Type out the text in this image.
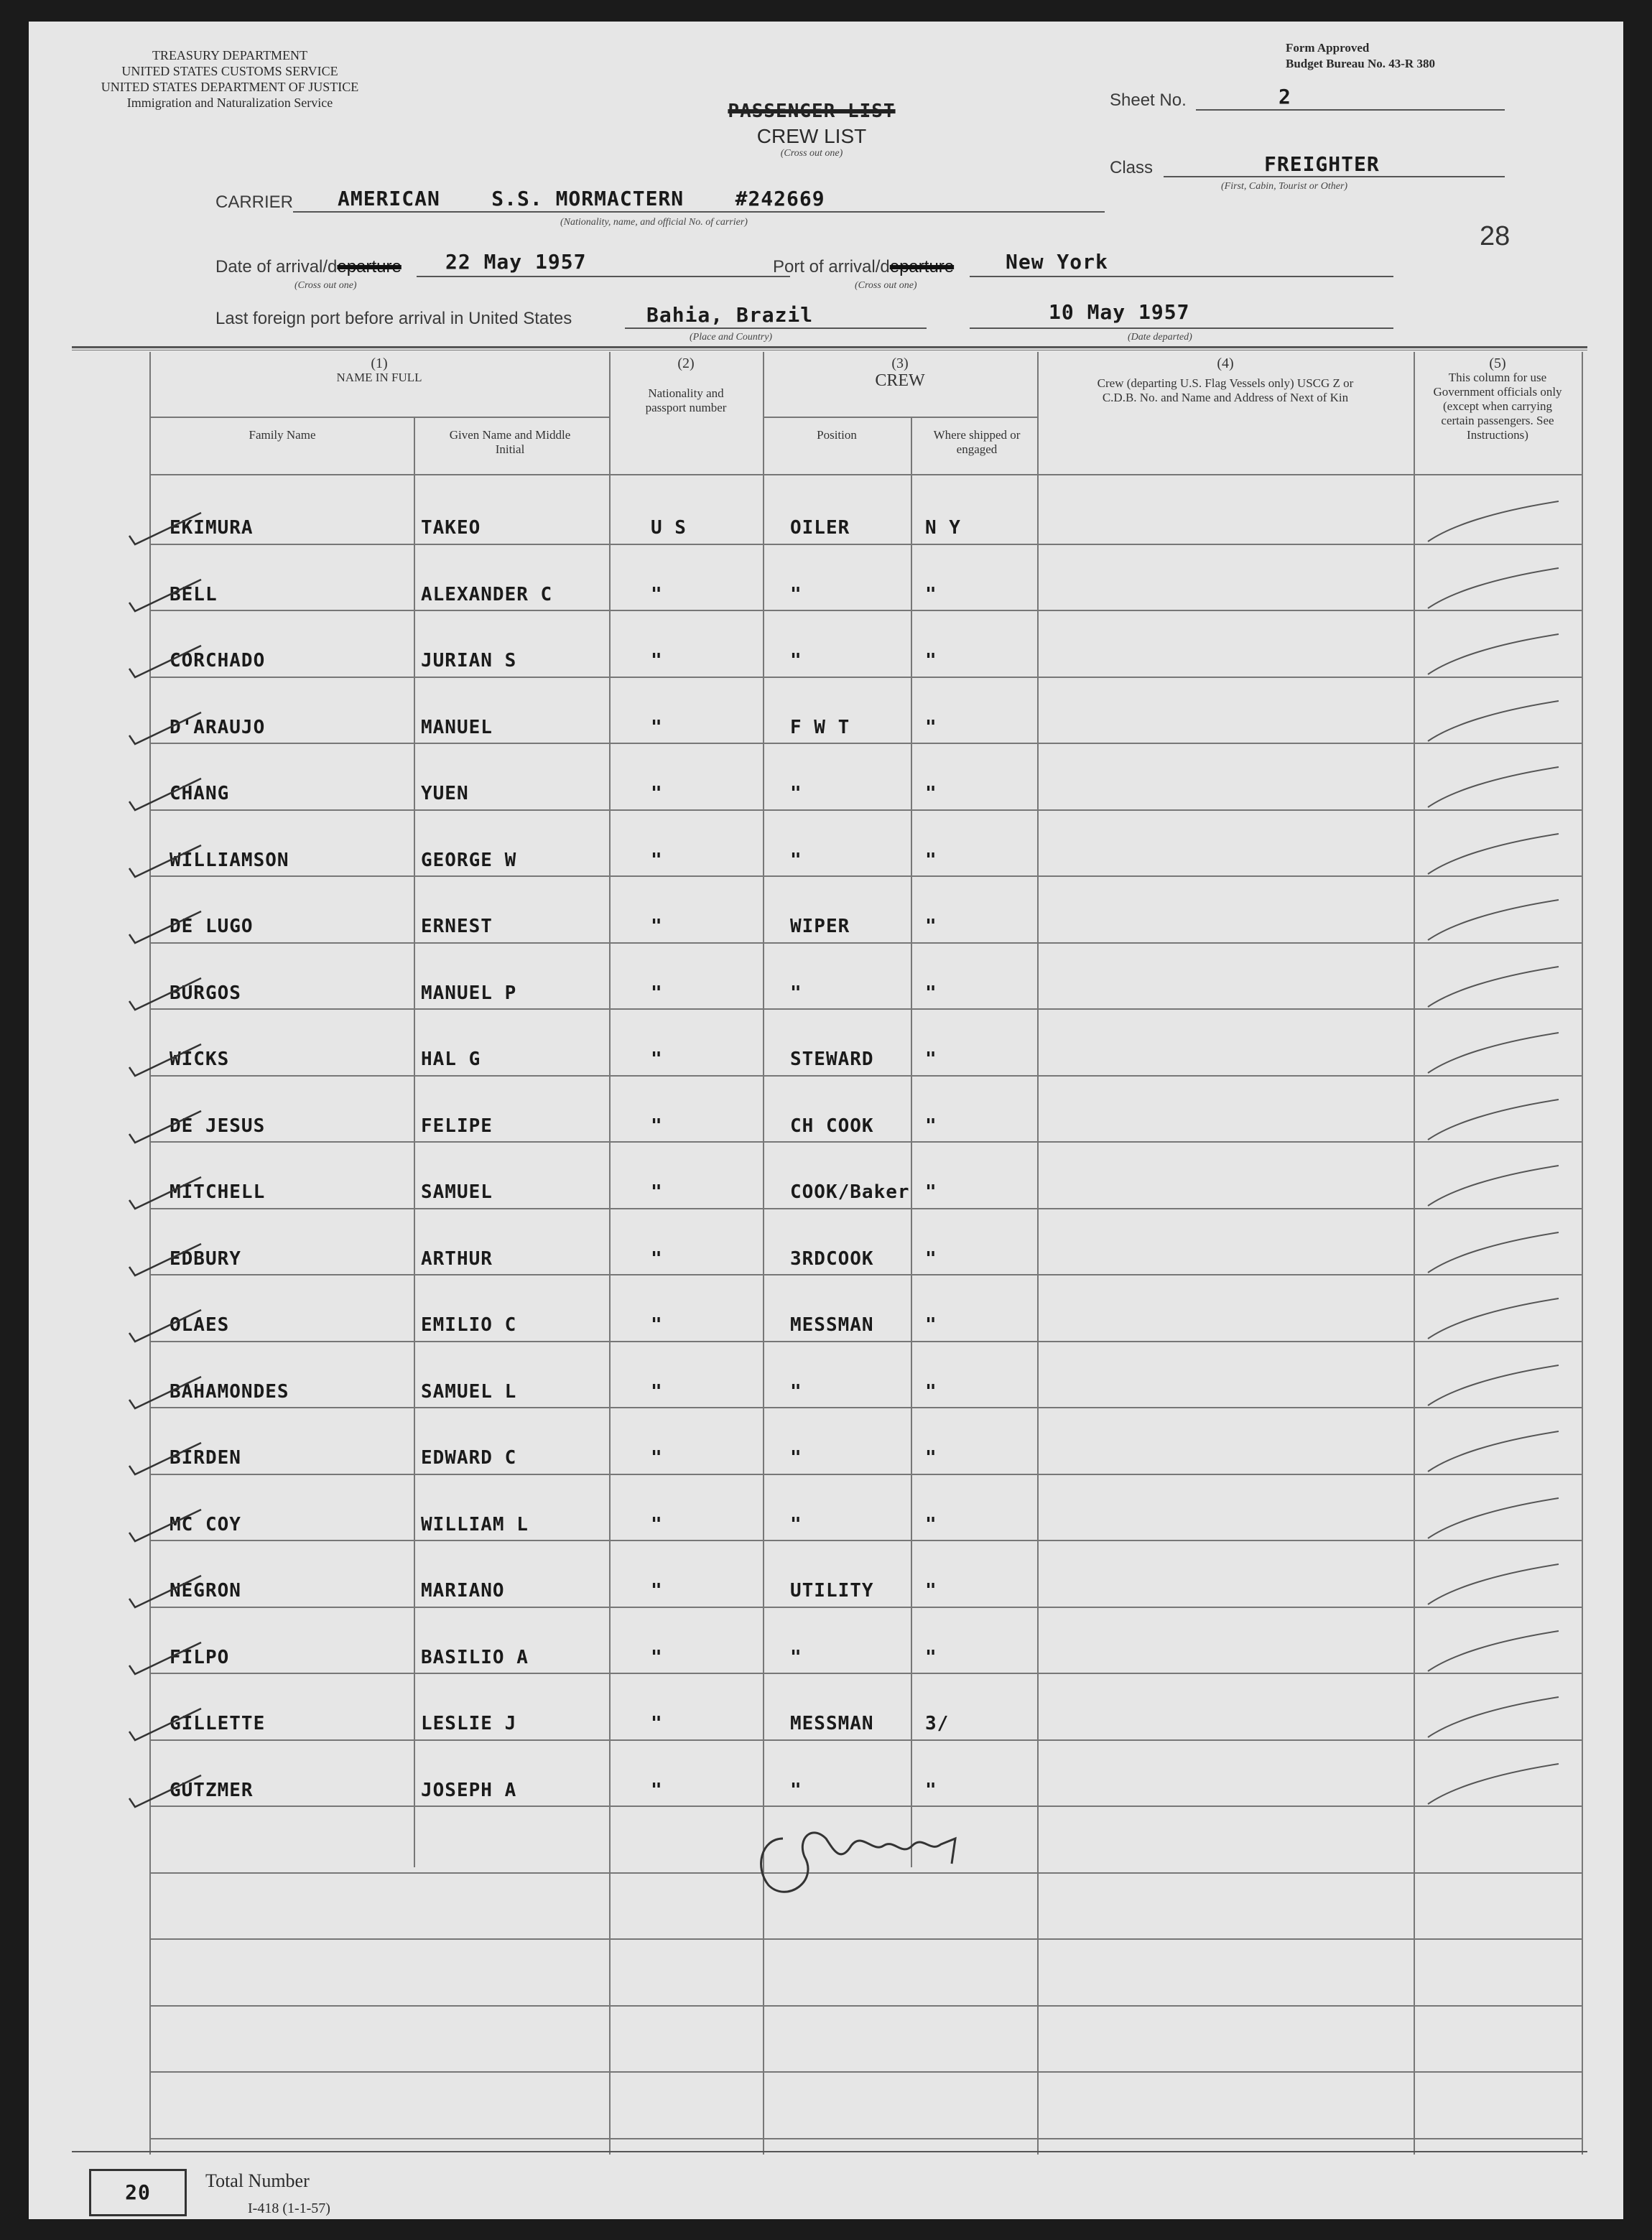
TREASURY DEPARTMENT
UNITED STATES CUSTOMS SERVICE
UNITED STATES DEPARTMENT OF JUSTICE
Immigration and Naturalization Service
Form Approved
Budget Bureau No. 43-R 380
PASSENGER LIST
CREW LIST
(Cross out one)
Sheet No.	2
Class	FREIGHTER
(First, Cabin, Tourist or Other)
28
CARRIER AMERICAN    S.S. MORMACTERN    #242669
(Nationality, name, and official No. of carrier)
Date of arrival/departure 22 May 1957
(Cross out one)
Port of arrival/departure	New York
(Cross out one)
Last foreign port before arrival in United States	Bahia, Brazil
(Place and Country)
10 May 1957
(Date departed)
(1)
NAME IN FULL
Family Name	Given Name and Middle Initial
(2)
Nationality and passport number
(3)
CREW
Position	Where shipped or engaged
(4)
Crew (departing U.S. Flag Vessels only) USCG Z or C.D.B. No. and Name and Address of Next of Kin
(5)
This column for use Government officials only (except when carrying certain passengers. See Instructions)
EKIMURA	TAKEO	U S	OILER	N Y
BELL	ALEXANDER C	"	"	"
CORCHADO	JURIAN S	"	"	"
D'ARAUJO	MANUEL	"	F W T	"
CHANG	YUEN	"	"	"
WILLIAMSON	GEORGE W	"	"	"
DE LUGO	ERNEST	"	WIPER	"
BURGOS	MANUEL P	"	"	"
WICKS	HAL G	"	STEWARD	"
DE JESUS	FELIPE	"	CH COOK	"
MITCHELL	SAMUEL	"	COOK/Baker "
EDBURY	ARTHUR	"	3RDCOOK	"
OLAES	EMILIO C	"	MESSMAN	"
BAHAMONDES	SAMUEL L	"	"	"
BIRDEN	EDWARD C	"	"	"
MC COY	WILLIAM L	"	"	"
NEGRON	MARIANO	"	UTILITY	"
FILPO	BASILIO A	"	"	"
GILLETTE	LESLIE J	"	MESSMAN	3/
GUTZMER	JOSEPH A	"	"	"
20	Total Number
I-418 (1-1-57)
